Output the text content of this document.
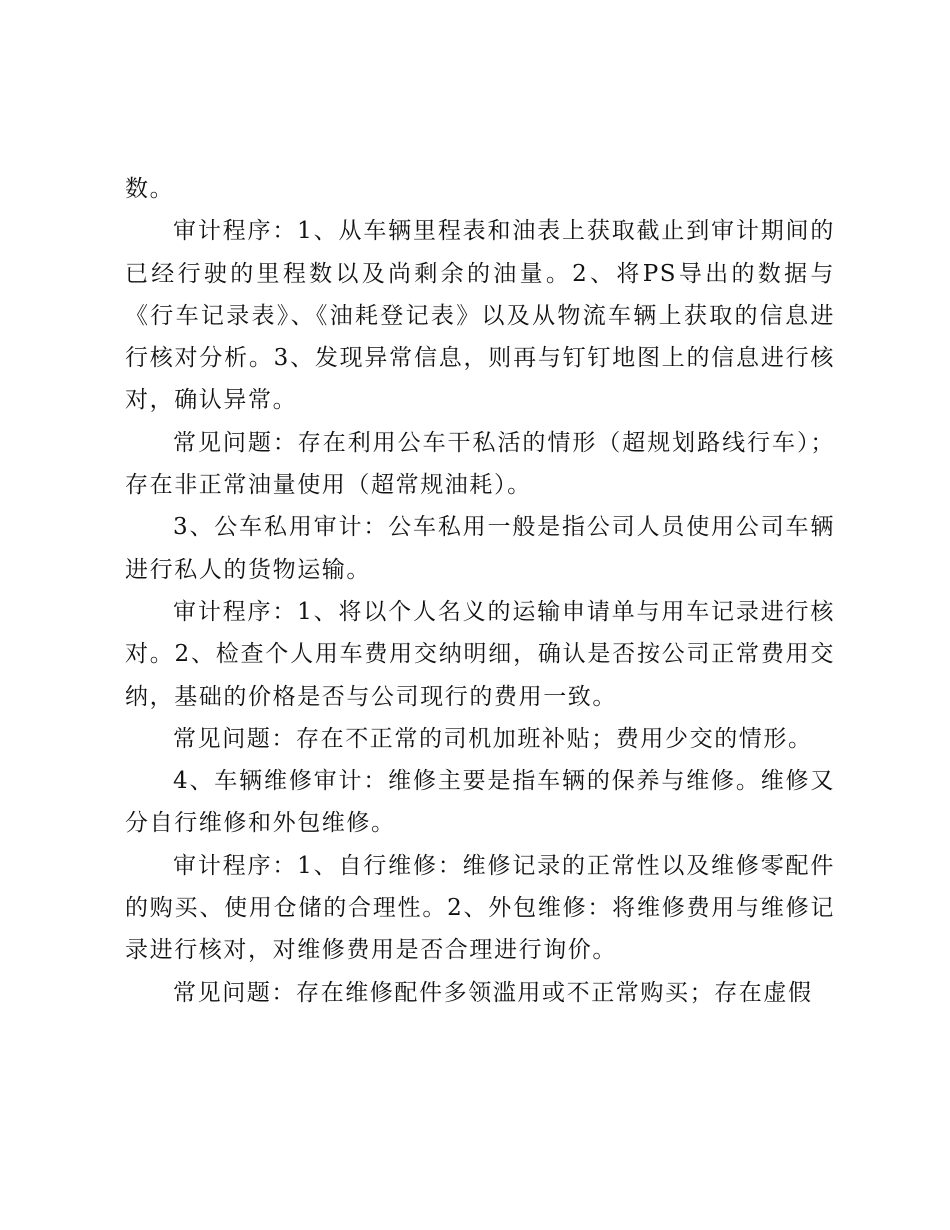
数。

审计程序：1、从车辆里程表和油表上获取截止到审计期间的已经行驶的里程数以及尚剩余的油量。2、将PS导出的数据与《行车记录表》、《油耗登记表》以及从物流车辆上获取的信息进行核对分析。3、发现异常信息，则再与钉钉地图上的信息进行核对，确认异常。

常见问题：存在利用公车干私活的情形（超规划路线行车）；存在非正常油量使用（超常规油耗）。

3、公车私用审计：公车私用一般是指公司人员使用公司车辆进行私人的货物运输。

审计程序：1、将以个人名义的运输申请单与用车记录进行核对。2、检查个人用车费用交纳明细，确认是否按公司正常费用交纳，基础的价格是否与公司现行的费用一致。

常见问题：存在不正常的司机加班补贴；费用少交的情形。

4、车辆维修审计：维修主要是指车辆的保养与维修。维修又分自行维修和外包维修。

审计程序：1、自行维修：维修记录的正常性以及维修零配件的购买、使用仓储的合理性。2、外包维修：将维修费用与维修记录进行核对，对维修费用是否合理进行询价。

常见问题：存在维修配件多领滥用或不正常购买；存在虚假
